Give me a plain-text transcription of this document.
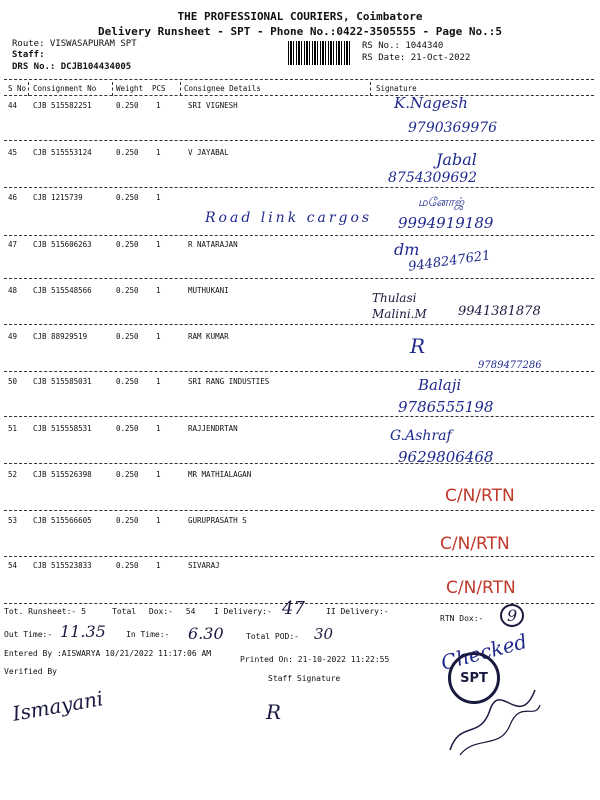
THE PROFESSIONAL COURIERS, Coimbatore
Delivery Runsheet - SPT - Phone No.:0422-3505555 - Page No.:5
Route: VISWASAPURAM SPT
Staff:
DRS No.: DCJB104434005
RS No.: 1044340
RS Date: 21-Oct-2022
S No Consignment No	Weight PCS Consignee Details	Signature
44 CJB 515582251	0.250 1	SRI VIGNESH	K.Nagesh
9790369976
45 CJB 515553124	0.250 1	V JAYABAL	Jabal
8754309692
46 CJB 1215739	0.250 1
Road link cargos
மனோஜ்
9994919189
47 CJB 515606263	0.250 1	R NATARAJAN	dm
9448247621
48 CJB 515548566	0.250 1	MUTHUKANI
Thulasi Malini.M	9941381878
49 CJB 88929519	0.250 1	RAM KUMAR	R
9789477286
50 CJB 515585031	0.250 1	SRI RANG INDUSTIES	Balaji
9786555198
51 CJB 515558531	0.250 1	RAJJENDRTAN	G.Ashraf
9629806468
52 CJB 515526398	0.250 1	MR MATHIALAGAN
C/N/RTN
53 CJB 515566605	0.250 1	GURUPRASATH S
C/N/RTN
54 CJB 515523833	0.250 1	SIVARAJ
C/N/RTN
Tot. Runsheet:- 5	Total Dox:- 54 I Delivery:- 47	II Delivery:-
RTN Dox:-	9
Out Time:- 11.35	In Time:- 6.30	Total POD:- 30
Entered By :AISWARYA 10/21/2022 11:17:06 AM
Printed On: 21-10-2022 11:22:55
Verified By
Ismayani
Staff Signature
R
Checked
SPT
